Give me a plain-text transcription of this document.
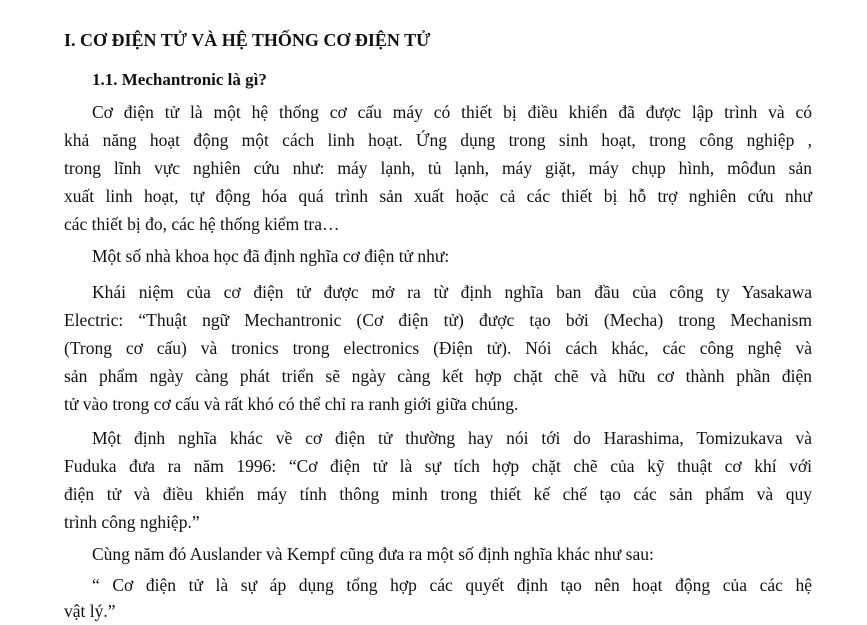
I. CƠ ĐIỆN TỬ VÀ HỆ THỐNG CƠ ĐIỆN TỬ
1.1. Mechantronic là gì?
Cơ điện tử là một hệ thống cơ cấu máy có thiết bị điều khiển đã được lập trình và có
khả năng hoạt động một cách linh hoạt. Ứng dụng trong sinh hoạt, trong công nghiệp ,
trong lĩnh vực nghiên cứu như: máy lạnh, tủ lạnh, máy giặt, máy chụp hình, môđun sản
xuất linh hoạt, tự động hóa quá trình sản xuất hoặc cả các thiết bị hỗ trợ nghiên cứu như
các thiết bị đo, các hệ thống kiểm tra…
Một số nhà khoa học đã định nghĩa cơ điện tử như:
Khái niệm của cơ điện tử được mở ra từ định nghĩa ban đầu của công ty Yasakawa
Electric: “Thuật ngữ Mechantronic (Cơ điện tử) được tạo bởi (Mecha) trong Mechanism
(Trong cơ cấu) và tronics trong electronics (Điện tử). Nói cách khác, các công nghệ và
sản phẩm ngày càng phát triển sẽ ngày càng kết hợp chặt chẽ và hữu cơ thành phần điện
tử vào trong cơ cấu và rất khó có thể chỉ ra ranh giới giữa chúng.
Một định nghĩa khác về cơ điện tử thường hay nói tới do Harashima, Tomizukava và
Fuduka đưa ra năm 1996: “Cơ điện tử là sự tích hợp chặt chẽ của kỹ thuật cơ khí với
điện tử và điều khiển máy tính thông minh trong thiết kế chế tạo các sản phẩm và quy
trình công nghiệp.”
Cùng năm đó Auslander và Kempf cũng đưa ra một số định nghĩa khác như sau:
“ Cơ điện tử là sự áp dụng tổng hợp các quyết định tạo nên hoạt động của các hệ
vật lý.”
